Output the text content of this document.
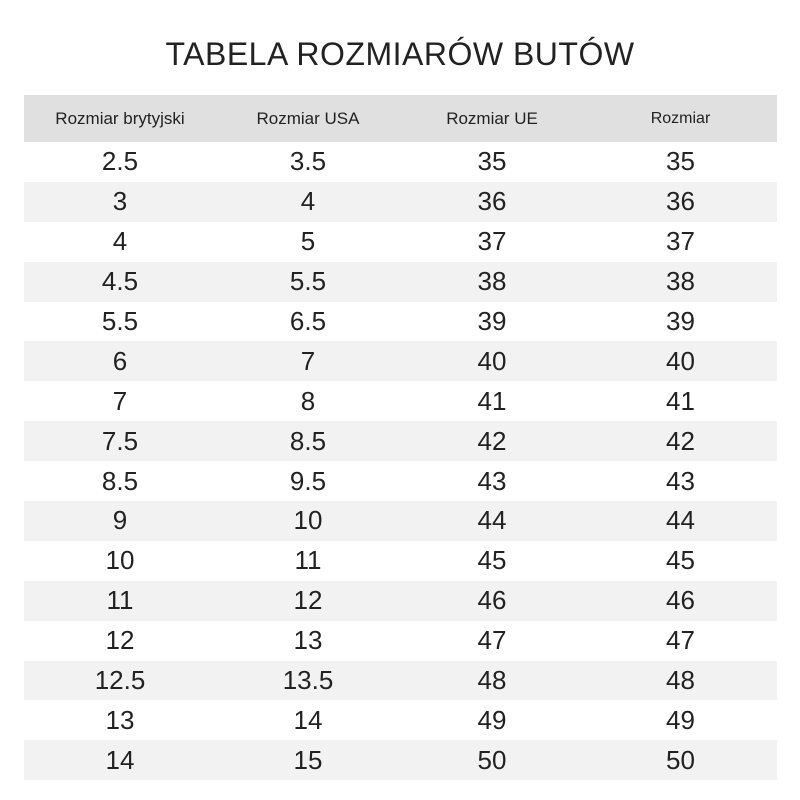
TABELA ROZMIARÓW BUTÓW
Rozmiar brytyjski	Rozmiar USA	Rozmiar UE	Rozmiar
2.5	3.5	35	35
3	4	36	36
4	5	37	37
4.5	5.5	38	38
5.5	6.5	39	39
6	7	40	40
7	8	41	41
7.5	8.5	42	42
8.5	9.5	43	43
9	10	44	44
10	11	45	45
11	12	46	46
12	13	47	47
12.5	13.5	48	48
13	14	49	49
14	15	50	50
